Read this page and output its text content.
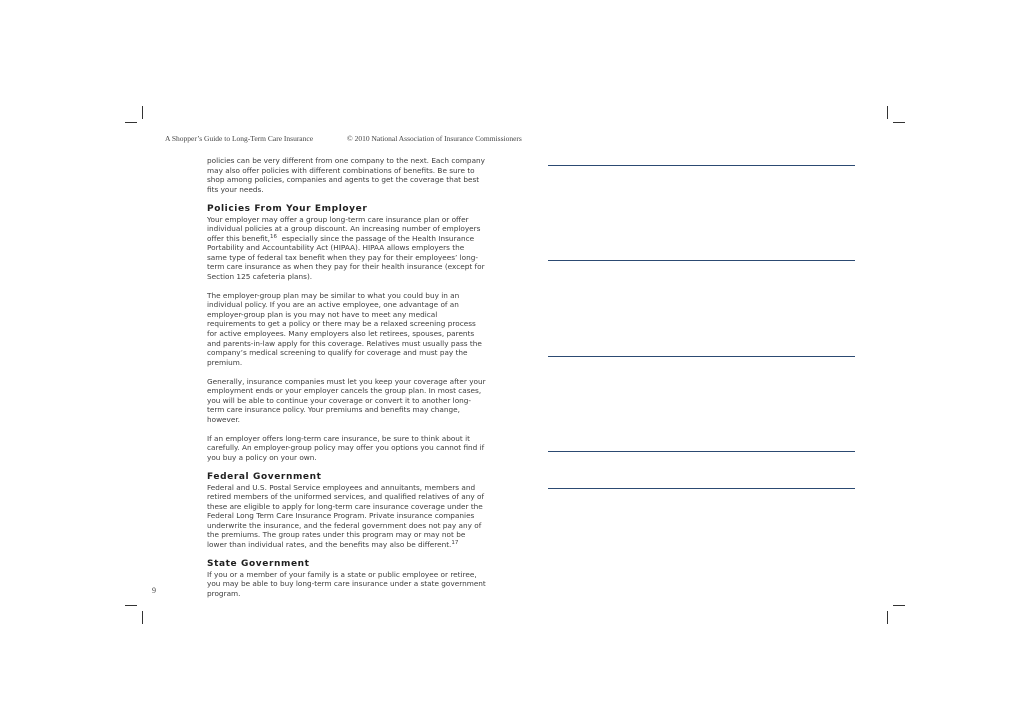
A Shopper’s Guide to Long-Term Care Insurance	© 2010 National Association of Insurance Commissioners
9
policies can be very different from one company to the next. Each company
may also offer policies with different combinations of benefits. Be sure to
shop among policies, companies and agents to get the coverage that best
fits your needs.
Policies From Your Employer
Your employer may offer a group long-term care insurance plan or offer
individual policies at a group discount. An increasing number of employers
offer this benefit,$^{16}$  especially since the passage of the Health Insurance
Portability and Accountability Act (HIPAA). HIPAA allows employers the
same type of federal tax benefit when they pay for their employees’ long-
term care insurance as when they pay for their health insurance (except for
Section 125 cafeteria plans).
The employer-group plan may be similar to what you could buy in an
individual policy. If you are an active employee, one advantage of an
employer-group plan is you may not have to meet any medical
requirements to get a policy or there may be a relaxed screening process
for active employees. Many employers also let retirees, spouses, parents
and parents-in-law apply for this coverage. Relatives must usually pass the
company’s medical screening to qualify for coverage and must pay the
premium.
Generally, insurance companies must let you keep your coverage after your
employment ends or your employer cancels the group plan. In most cases,
you will be able to continue your coverage or convert it to another long-
term care insurance policy. Your premiums and benefits may change,
however.
If an employer offers long-term care insurance, be sure to think about it
carefully. An employer-group policy may offer you options you cannot find if
you buy a policy on your own.
Federal Government
Federal and U.S. Postal Service employees and annuitants, members and
retired members of the uniformed services, and qualified relatives of any of
these are eligible to apply for long-term care insurance coverage under the
Federal Long Term Care Insurance Program. Private insurance companies
underwrite the insurance, and the federal government does not pay any of
the premiums. The group rates under this program may or may not be
lower than individual rates, and the benefits may also be different.$^{17}$
State Government
If you or a member of your family is a state or public employee or retiree,
you may be able to buy long-term care insurance under a state government
program.
